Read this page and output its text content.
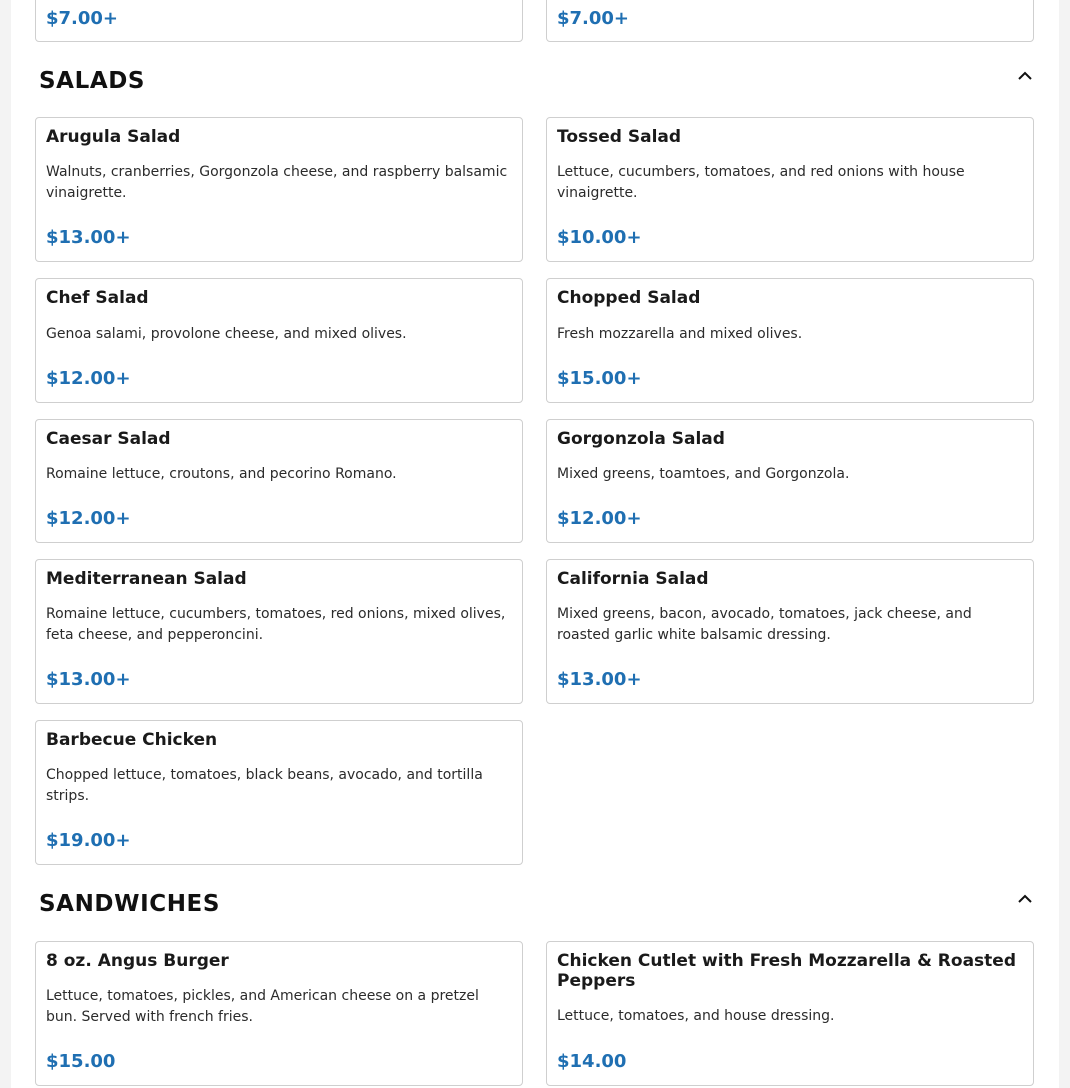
$7.00+	$7.00+
SALADS
Arugula Salad
Walnuts, cranberries, Gorgonzola cheese, and raspberry balsamic vinaigrette.
$13.00+
Tossed Salad
Lettuce, cucumbers, tomatoes, and red onions with house vinaigrette.
$10.00+
Chef Salad
Genoa salami, provolone cheese, and mixed olives.
$12.00+
Chopped Salad
Fresh mozzarella and mixed olives.
$15.00+
Caesar Salad
Romaine lettuce, croutons, and pecorino Romano.
$12.00+
Gorgonzola Salad
Mixed greens, toamtoes, and Gorgonzola.
$12.00+
Mediterranean Salad
Romaine lettuce, cucumbers, tomatoes, red onions, mixed olives, feta cheese, and pepperoncini.
$13.00+
California Salad
Mixed greens, bacon, avocado, tomatoes, jack cheese, and roasted garlic white balsamic dressing.
$13.00+
Barbecue Chicken
Chopped lettuce, tomatoes, black beans, avocado, and tortilla strips.
$19.00+
SANDWICHES
8 oz. Angus Burger
Lettuce, tomatoes, pickles, and American cheese on a pretzel bun. Served with french fries.
$15.00
Chicken Cutlet with Fresh Mozzarella & Roasted Peppers
Lettuce, tomatoes, and house dressing.
$14.00
